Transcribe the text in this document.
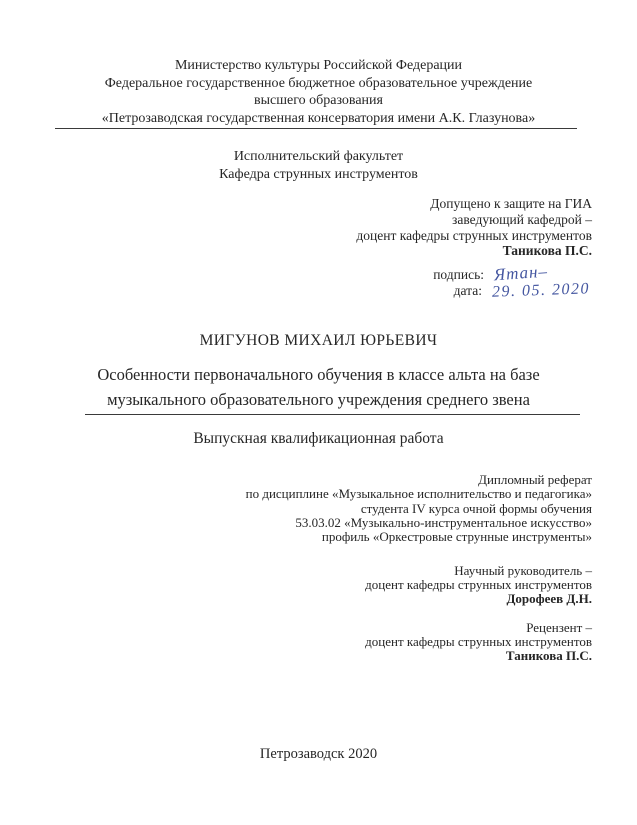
Министерство культуры Российской Федерации
Федеральное государственное бюджетное образовательное учреждение
высшего образования
«Петрозаводская государственная консерватория имени А.К. Глазунова»
Исполнительский факультет
Кафедра струнных инструментов
Допущено к защите на ГИА
заведующий кафедрой –
доцент кафедры струнных инструментов
Таникова П.С.
подпись: Ятан–
дата: 29. 05. 2020
МИГУНОВ МИХАИЛ ЮРЬЕВИЧ
Особенности первоначального обучения в классе альта на базе
музыкального образовательного учреждения среднего звена
Выпускная квалификационная работа
Дипломный реферат
по дисциплине «Музыкальное исполнительство и педагогика»
студента IV курса очной формы обучения
53.03.02 «Музыкально-инструментальное искусство»
профиль «Оркестровые струнные инструменты»
Научный руководитель –
доцент кафедры струнных инструментов
Дорофеев Д.Н.
Рецензент –
доцент кафедры струнных инструментов
Таникова П.С.
Петрозаводск 2020
